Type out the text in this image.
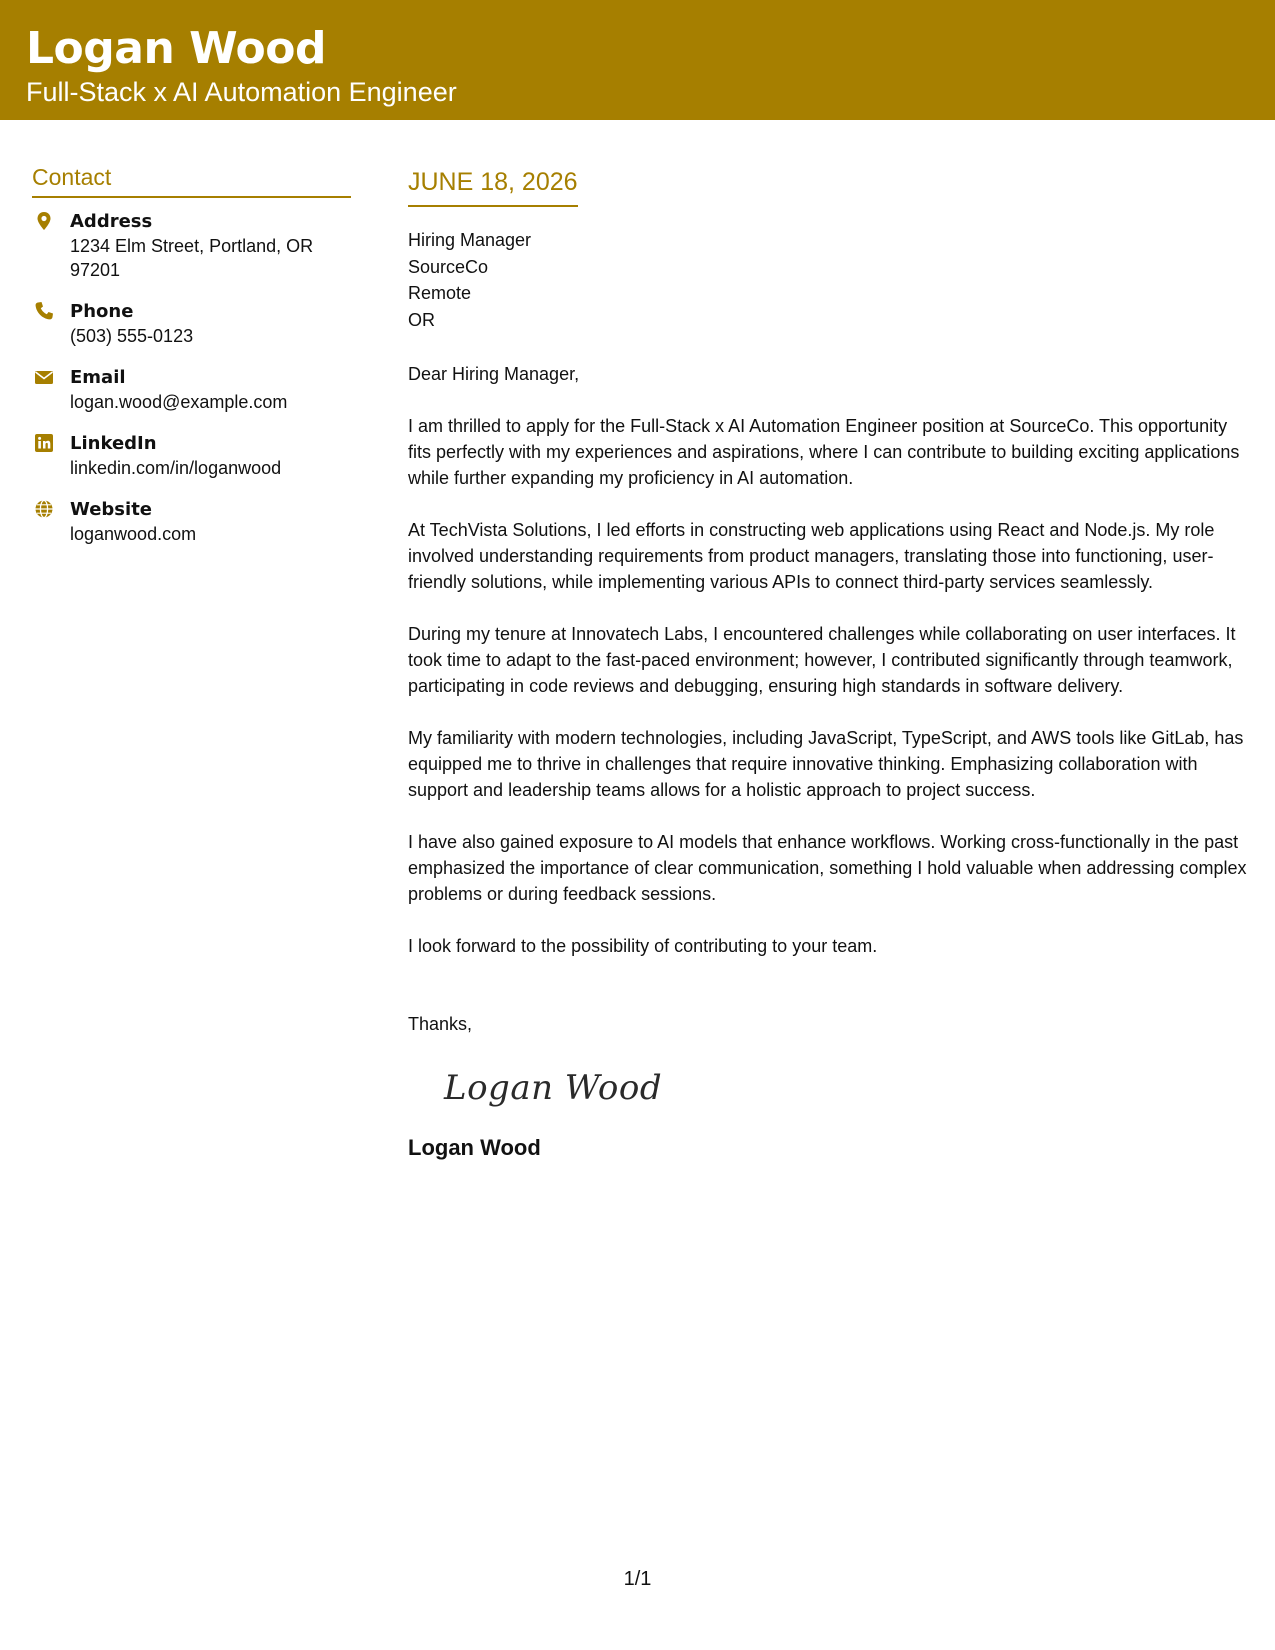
Logan Wood
Full-Stack x AI Automation Engineer
Contact
Address
1234 Elm Street, Portland, OR 97201
Phone
(503) 555-0123
Email
logan.wood@example.com
LinkedIn
linkedin.com/in/loganwood
Website
loganwood.com
JUNE 18, 2026
Hiring Manager
SourceCo
Remote
OR
Dear Hiring Manager,
I am thrilled to apply for the Full-Stack x AI Automation Engineer position at SourceCo. This opportunity fits perfectly with my experiences and aspirations, where I can contribute to building exciting applications while further expanding my proficiency in AI automation.
At TechVista Solutions, I led efforts in constructing web applications using React and Node.js. My role involved understanding requirements from product managers, translating those into functioning, user-friendly solutions, while implementing various APIs to connect third-party services seamlessly.
During my tenure at Innovatech Labs, I encountered challenges while collaborating on user interfaces. It took time to adapt to the fast-paced environment; however, I contributed significantly through teamwork, participating in code reviews and debugging, ensuring high standards in software delivery.
My familiarity with modern technologies, including JavaScript, TypeScript, and AWS tools like GitLab, has equipped me to thrive in challenges that require innovative thinking. Emphasizing collaboration with support and leadership teams allows for a holistic approach to project success.
I have also gained exposure to AI models that enhance workflows. Working cross-functionally in the past emphasized the importance of clear communication, something I hold valuable when addressing complex problems or during feedback sessions.
I look forward to the possibility of contributing to your team.
Thanks,
Logan Wood
Logan Wood
1/1
